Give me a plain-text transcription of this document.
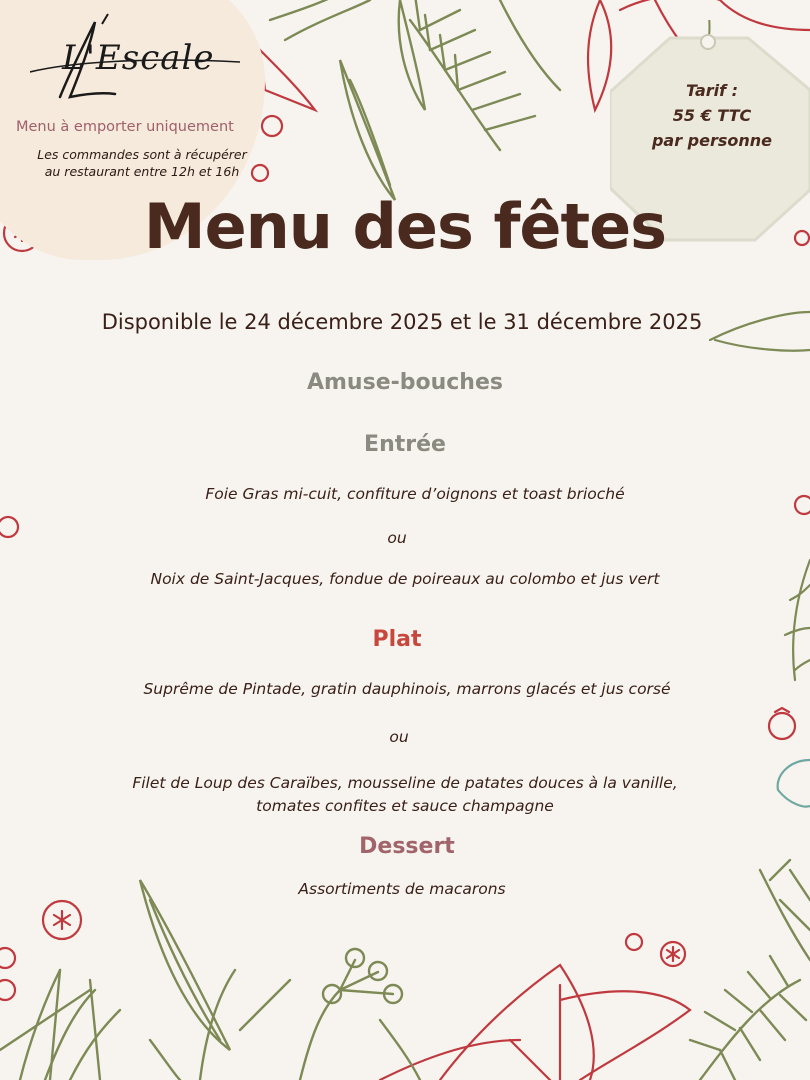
L'Escale
Menu à emporter uniquement
Les commandes sont à récupérer
au restaurant entre 12h et 16h
Tarif :
55 € TTC
par personne
Menu des fêtes
Disponible le 24 décembre 2025 et le 31 décembre 2025
Amuse-bouches
Entrée
Foie Gras mi-cuit, confiture d’oignons et toast brioché
ou
Noix de Saint-Jacques, fondue de poireaux au colombo et jus vert
Plat
Suprême de Pintade, gratin dauphinois, marrons glacés et jus corsé
ou
Filet de Loup des Caraïbes, mousseline de patates douces à la vanille,
tomates confites et sauce champagne
Dessert
Assortiments de macarons
